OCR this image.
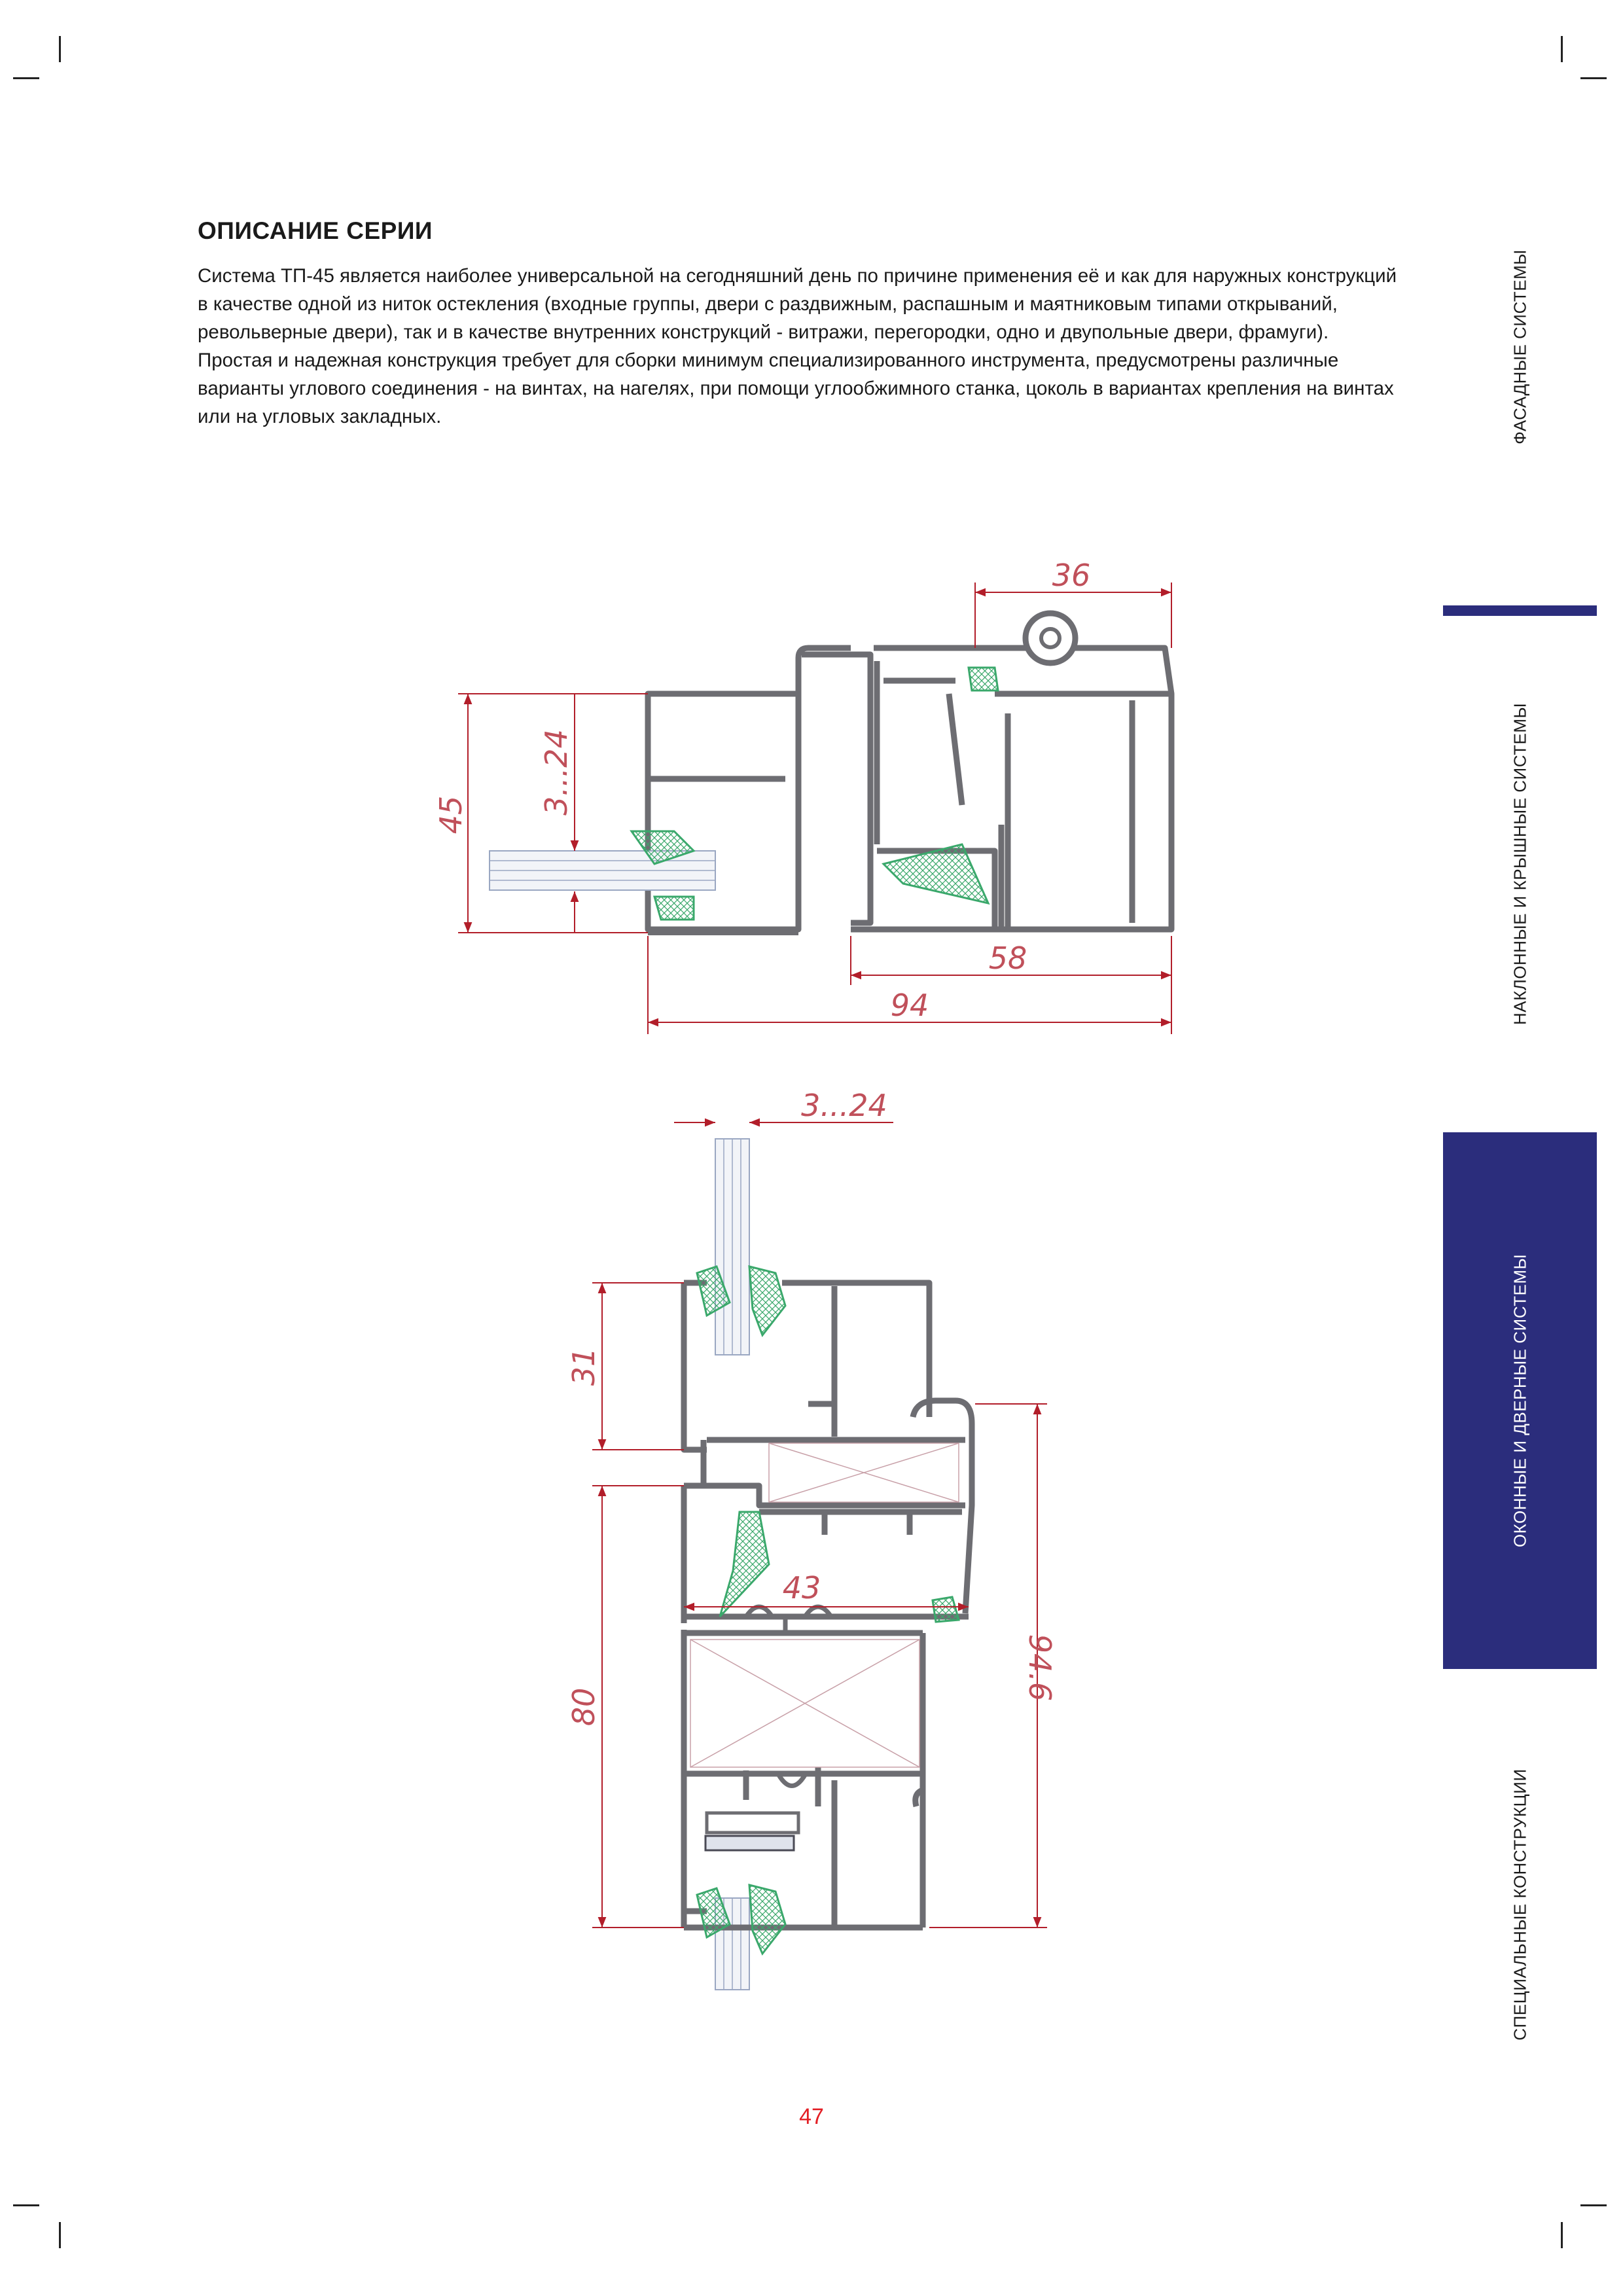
ОПИСАНИЕ СЕРИИ

Система ТП-45 является наиболее универсальной на сегодняшний день по причине применения её и как для наружных конструкций в качестве одной из ниток остекления (входные группы, двери с раздвижным, распашным и маятниковым типами открываний, револьверные двери), так и в качестве внутренних конструкций - витражи, перегородки, одно и двупольные двери, фрамуги).

Простая и надежная конструкция требует для сборки минимум специализированного инструмента, предусмотрены различные варианты углового соединения - на винтах, на нагелях, при помощи углообжимного станка, цоколь в вариантах крепления на винтах или на угловых закладных.	ФАСАДНЫЕ СИСТЕМЫ
НАКЛОННЫЕ И КРЫШНЫЕ СИСТЕМЫ
ОКОННЫЕ И ДВЕРНЫЕ СИСТЕМЫ
СПЕЦИАЛЬНЫЕ КОНСТРУКЦИИ
36
45 3...24
58
94
3...24
31
80
43
94.6
47
